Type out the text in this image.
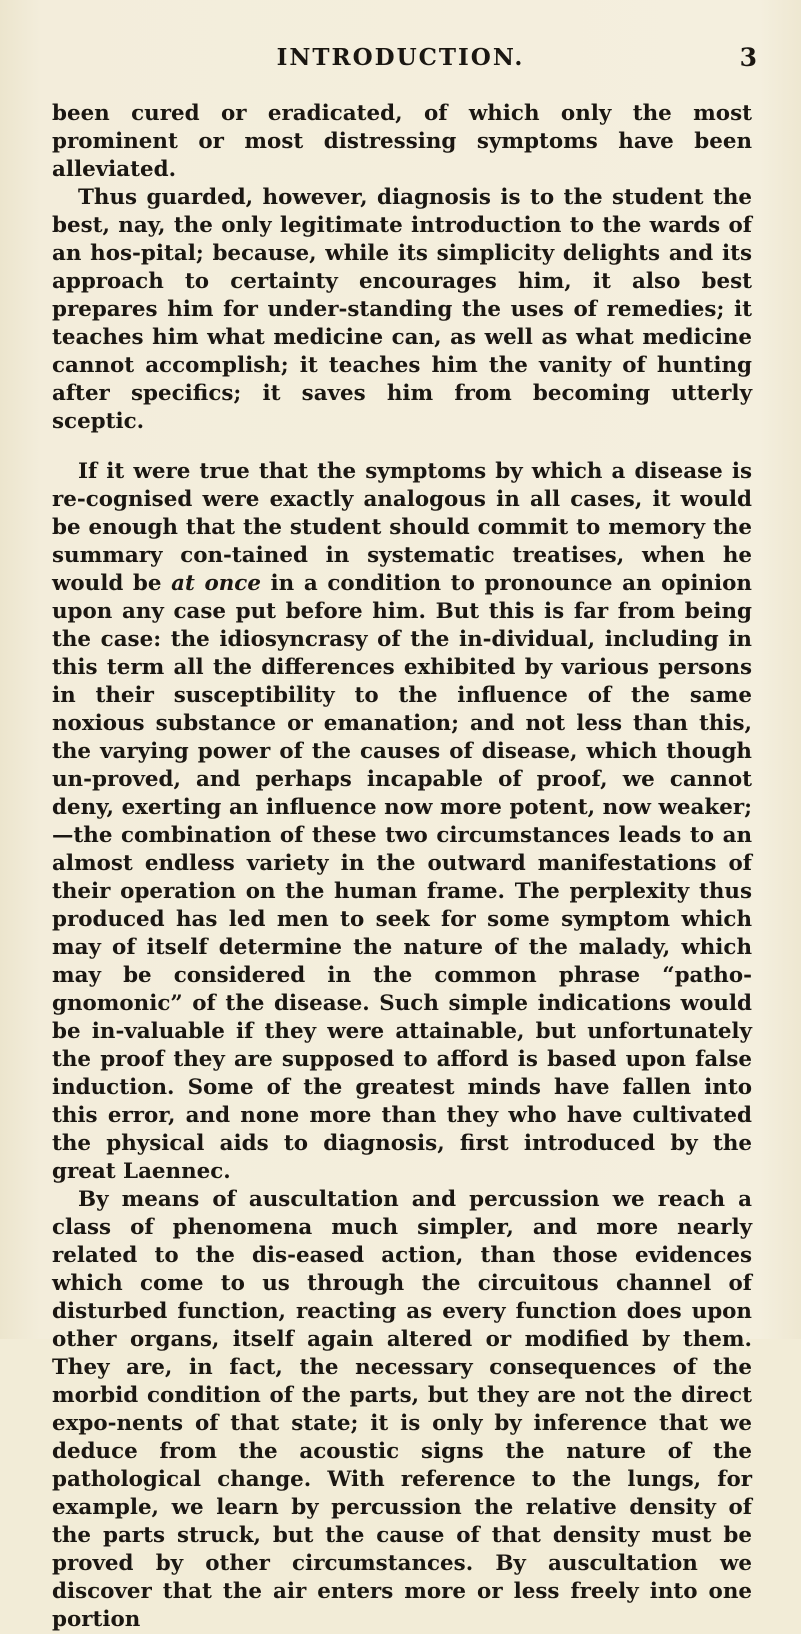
INTRODUCTION.	3

been cured or eradicated, of which only the most prominent or most distressing symptoms have been alleviated.

Thus guarded, however, diagnosis is to the student the best, nay, the only legitimate introduction to the wards of an hos-pital; because, while its simplicity delights and its approach to certainty encourages him, it also best prepares him for under-standing the uses of remedies; it teaches him what medicine can, as well as what medicine cannot accomplish; it teaches him the vanity of hunting after specifics; it saves him from becoming utterly sceptic.

If it were true that the symptoms by which a disease is re-cognised were exactly analogous in all cases, it would be enough that the student should commit to memory the summary con-tained in systematic treatises, when he would be at once in a condition to pronounce an opinion upon any case put before him. But this is far from being the case: the idiosyncrasy of the in-dividual, including in this term all the differences exhibited by various persons in their susceptibility to the influence of the same noxious substance or emanation; and not less than this, the varying power of the causes of disease, which though un-proved, and perhaps incapable of proof, we cannot deny, exerting an influence now more potent, now weaker;—the combination of these two circumstances leads to an almost endless variety in the outward manifestations of their operation on the human frame. The perplexity thus produced has led men to seek for some symptom which may of itself determine the nature of the malady, which may be considered in the common phrase “patho-gnomonic” of the disease. Such simple indications would be in-valuable if they were attainable, but unfortunately the proof they are supposed to afford is based upon false induction. Some of the greatest minds have fallen into this error, and none more than they who have cultivated the physical aids to diagnosis, first introduced by the great Laennec.

By means of auscultation and percussion we reach a class of phenomena much simpler, and more nearly related to the dis-eased action, than those evidences which come to us through the circuitous channel of disturbed function, reacting as every function does upon other organs, itself again altered or modified by them. They are, in fact, the necessary consequences of the morbid condition of the parts, but they are not the direct expo-nents of that state; it is only by inference that we deduce from the acoustic signs the nature of the pathological change. With reference to the lungs, for example, we learn by percussion the relative density of the parts struck, but the cause of that density must be proved by other circumstances. By auscultation we discover that the air enters more or less freely into one portion
